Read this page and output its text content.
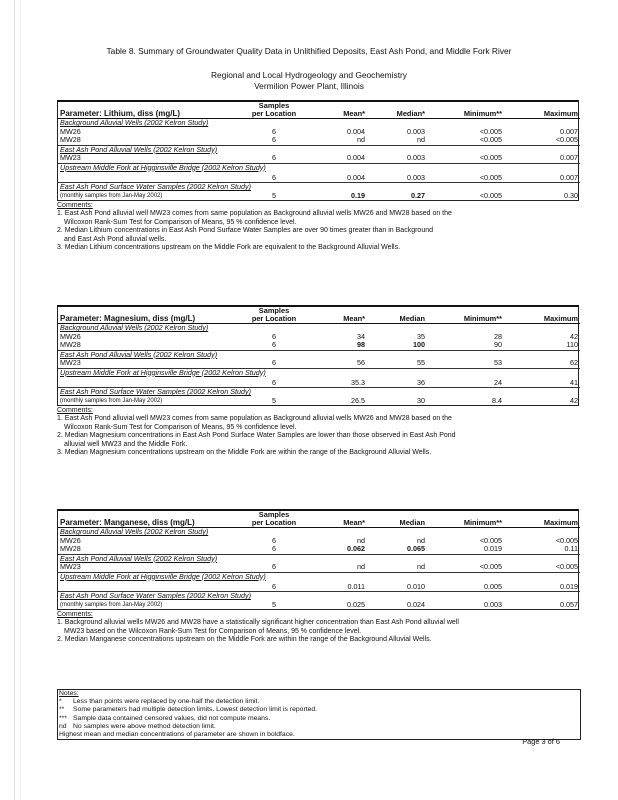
Table 8. Summary of Groundwater Quality Data in Unlithified Deposits, East Ash Pond, and Middle Fork River
Regional and Local Hydrogeology and Geochemistry
Vermilion Power Plant, Illinois
Parameter: Lithium, diss (mg/L)	Samples
per Location	Mean*	Median*	Minimum**	Maximum
Background Alluvial Wells (2002 Kelron Study)					
MW26	6	0.004	0.003	<0.005	0.007
MW28	6	nd	nd	<0.005	<0.005
East Ash Pond Alluvial Wells (2002 Kelron Study)					
MW23	6	0.004	0.003	<0.005	0.007
Upstream Middle Fork at Higginsville Bridge (2002 Kelron Study)					
	6	0.004	0.003	<0.005	0.007
East Ash Pond Surface Water Samples (2002 Kelron Study)					
(monthly samples from Jan-May 2002)	5	0.19	0.27	<0.005	0.30

Comments:

1. East Ash Pond alluvial well MW23 comes from same population as Background alluvial wells MW26 and MW28 based on the

Wilcoxon Rank-Sum Test for Comparison of Means, 95 % confidence level.

2. Median Lithium concentrations in East Ash Pond Surface Water Samples are over 90 times greater than in Background

and East Ash Pond alluvial wells.

3. Median Lithium concentrations upstream on the Middle Fork are equivalent to the Background Alluvial Wells.

Parameter: Magnesium, diss (mg/L)	Samples
per Location	Mean*	Median	Minimum**	Maximum
Background Alluvial Wells (2002 Kelron Study)					
MW26	6	34	35	28	42
MW28	6	98	100	90	110
East Ash Pond Alluvial Wells (2002 Kelron Study)					
MW23	6	56	55	53	62
Upstream Middle Fork at Higginsville Bridge (2002 Kelron Study)					
	6	35.3	36	24	41
East Ash Pond Surface Water Samples (2002 Kelron Study)					
(monthly samples from Jan-May 2002)	5	26.5	30	8.4	42

Comments:

1. East Ash Pond alluvial well MW23 comes from same population as Background alluvial wells MW26 and MW28 based on the

Wilcoxon Rank-Sum Test for Comparison of Means, 95 % confidence level.

2. Median Magnesium concentrations in East Ash Pond Surface Water Samples are lower than those observed in East Ash Pond

alluvial well MW23 and the Middle Fork.

3. Median Magnesium concentrations upstream on the Middle Fork are within the range of the Background Alluvial Wells.

Parameter: Manganese, diss (mg/L)	Samples
per Location	Mean*	Median	Minimum**	Maximum
Background Alluvial Wells (2002 Kelron Study)					
MW26	6	nd	nd	<0.005	<0.005
MW28	6	0.062	0.065	0.019	0.11
East Ash Pond Alluvial Wells (2002 Kelron Study)					
MW23	6	nd	nd	<0.005	<0.005
Upstream Middle Fork at Higginsville Bridge (2002 Kelron Study)					
	6	0.011	0.010	0.005	0.019
East Ash Pond Surface Water Samples (2002 Kelron Study)					
(monthly samples from Jan-May 2002)	5	0.025	0.024	0.003	0.057

Comments:

1. Background alluvial wells MW26 and MW28 have a statistically significant higher concentration than East Ash Pond alluvial well

MW23 based on the Wilcoxon Rank-Sum Test for Comparison of Means, 95 % confidence level.

2. Median Manganese concentrations upstream on the Middle Fork are within the range of the Background Alluvial Wells.

Notes:
*	Less than points were replaced by one-half the detection limit.
**	Some parameters had multiple detection limits. Lowest detection limit is reported.
*** Sample data contained censored values, did not compute means.
nd No samples were above method detection limit.
Highest mean and median concentrations of parameter are shown in boldface.
Page 3 of 6
